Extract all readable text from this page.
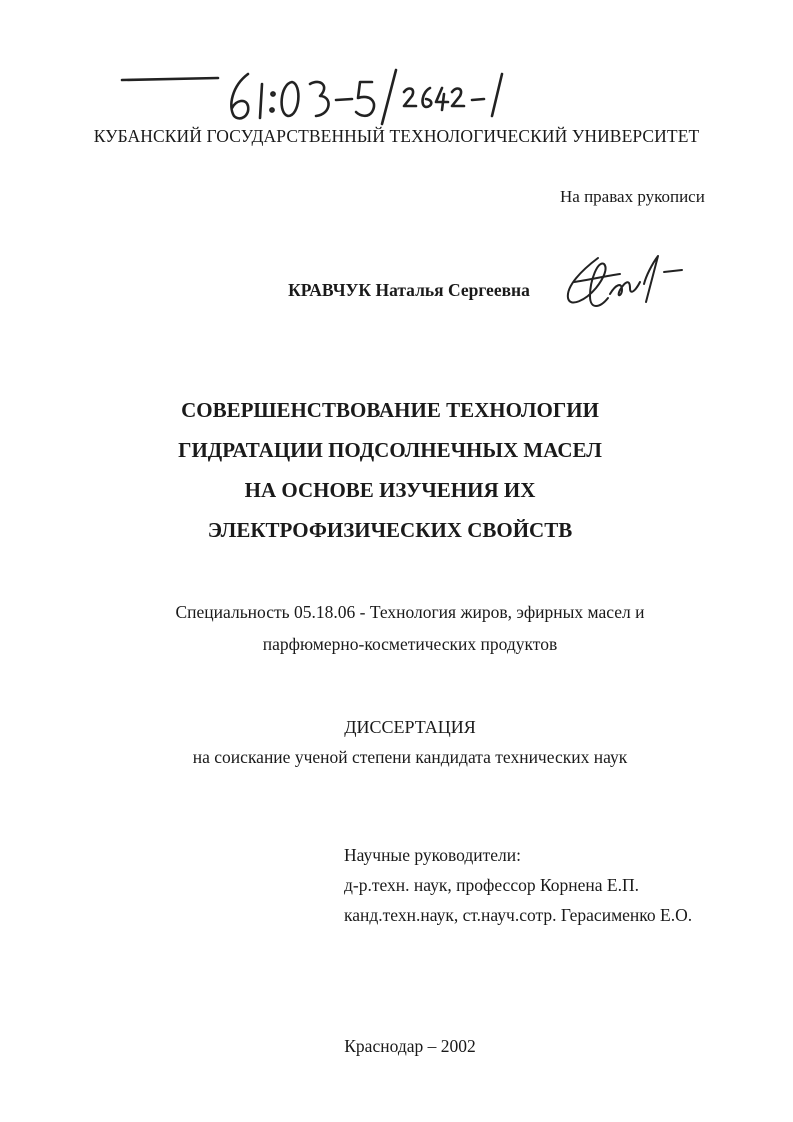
КУБАНСКИЙ ГОСУДАРСТВЕННЫЙ ТЕХНОЛОГИЧЕСКИЙ УНИВЕРСИТЕТ
На правах рукописи
КРАВЧУК Наталья Сергеевна
СОВЕРШЕНСТВОВАНИЕ ТЕХНОЛОГИИ
ГИДРАТАЦИИ ПОДСОЛНЕЧНЫХ МАСЕЛ
НА ОСНОВЕ ИЗУЧЕНИЯ ИХ
ЭЛЕКТРОФИЗИЧЕСКИХ СВОЙСТВ
Специальность 05.18.06 - Технология жиров, эфирных масел и
парфюмерно-косметических продуктов
ДИССЕРТАЦИЯ
на соискание ученой степени кандидата технических наук
Научные руководители:
д-р.техн. наук, профессор Корнена Е.П.
канд.техн.наук, ст.науч.сотр. Герасименко Е.О.
Краснодар – 2002
